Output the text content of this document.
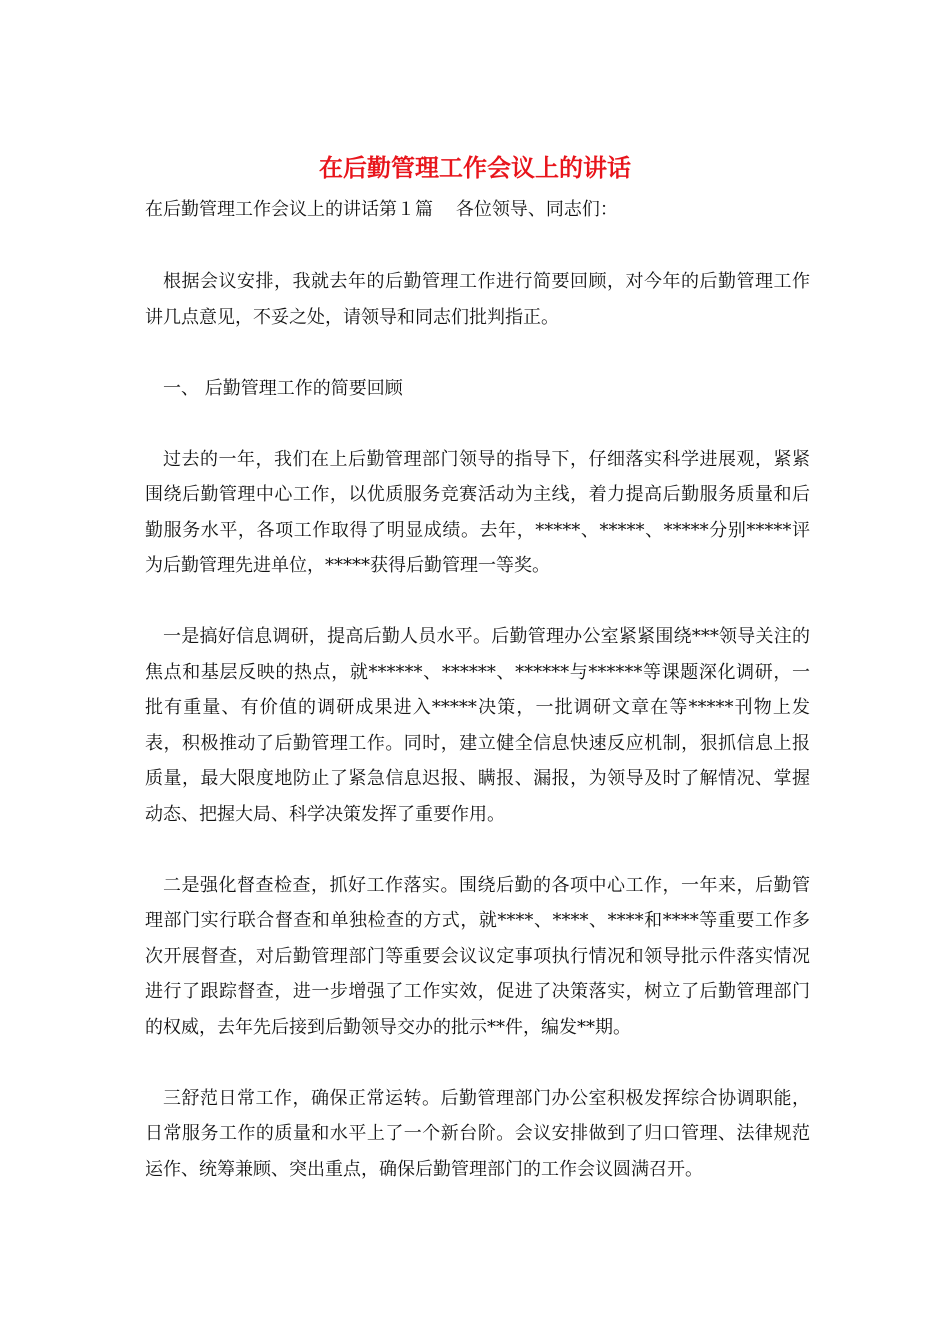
在后勤管理工作会议上的讲话

在后勤管理工作会议上的讲话第１篇    各位领导、同志们：

根据会议安排，我就去年的后勤管理工作进行简要回顾，对今年的后勤管理工作讲几点意见，不妥之处，请领导和同志们批判指正。

一、 后勤管理工作的简要回顾

过去的一年，我们在上后勤管理部门领导的指导下，仔细落实科学进展观，紧紧围绕后勤管理中心工作，以优质服务竞赛活动为主线，着力提高后勤服务质量和后勤服务水平，各项工作取得了明显成绩。去年，*****、*****、*****分别*****评为后勤管理先进单位，*****获得后勤管理一等奖。

一是搞好信息调研，提高后勤人员水平。后勤管理办公室紧紧围绕***领导关注的焦点和基层反映的热点，就******、******、******与******等课题深化调研，一批有重量、有价值的调研成果进入*****决策，一批调研文章在等*****刊物上发表，积极推动了后勤管理工作。同时，建立健全信息快速反应机制，狠抓信息上报质量，最大限度地防止了紧急信息迟报、瞒报、漏报，为领导及时了解情况、掌握动态、把握大局、科学决策发挥了重要作用。

二是强化督查检查，抓好工作落实。围绕后勤的各项中心工作，一年来，后勤管理部门实行联合督查和单独检查的方式，就****、****、****和****等重要工作多次开展督查，对后勤管理部门等重要会议议定事项执行情况和领导批示件落实情况进行了跟踪督查，进一步增强了工作实效，促进了决策落实，树立了后勤管理部门的权威，去年先后接到后勤领导交办的批示**件，编发**期。

三舒范日常工作，确保正常运转。后勤管理部门办公室积极发挥综合协调职能，日常服务工作的质量和水平上了一个新台阶。会议安排做到了归口管理、法律规范运作、统筹兼顾、突出重点，确保后勤管理部门的工作会议圆满召开。
